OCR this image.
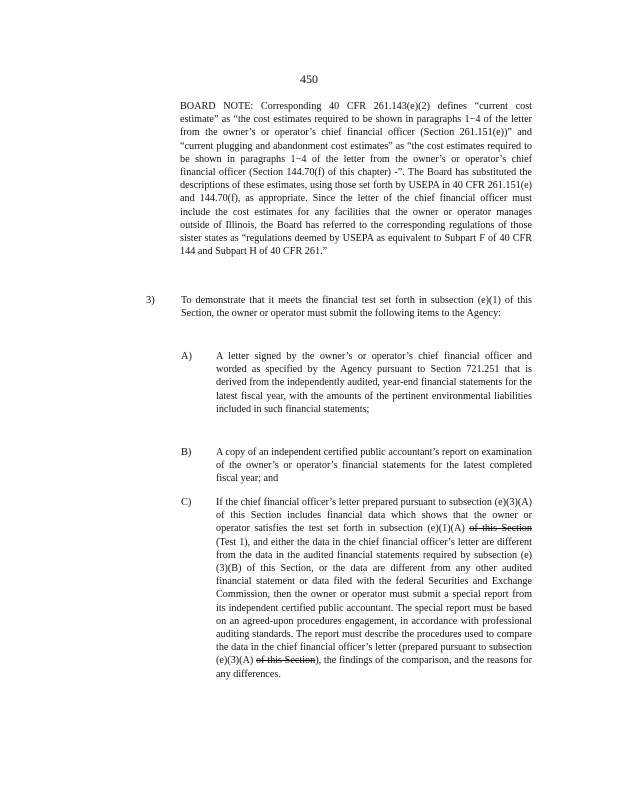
450
BOARD NOTE: Corresponding 40 CFR 261.143(e)(2) defines “current cost estimate” as “the cost estimates required to be shown in paragraphs 1−4 of the letter from the owner’s or operator’s chief financial officer (Section 261.151(e))” and “current plugging and abandonment cost estimates” as “the cost estimates required to be shown in paragraphs 1−4 of the letter from the owner’s or operator’s chief financial officer (Section 144.70(f) of this chapter) -”. The Board has substituted the descriptions of these estimates, using those set forth by USEPA in 40 CFR 261.151(e) and 144.70(f), as appropriate. Since the letter of the chief financial officer must include the cost estimates for any facilities that the owner or operator manages outside of Illinois, the Board has referred to the corresponding regulations of those sister states as “regulations deemed by USEPA as equivalent to Subpart F of 40 CFR 144 and Subpart H of 40 CFR 261.”
3)	To demonstrate that it meets the financial test set forth in subsection (e)(1) of this Section, the owner or operator must submit the following items to the Agency:
A) A letter signed by the owner’s or operator’s chief financial officer and worded as specified by the Agency pursuant to Section 721.251 that is derived from the independently audited, year-end financial statements for the latest fiscal year, with the amounts of the pertinent environmental liabilities included in such financial statements;
B) A copy of an independent certified public accountant’s report on examination of the owner’s or operator’s financial statements for the latest completed fiscal year; and
C) If the chief financial officer’s letter prepared pursuant to subsection (e)(3)(A) of this Section includes financial data which shows that the owner or operator satisfies the test set forth in subsection (e)(1)(A) of this Section (Test 1), and either the data in the chief financial officer’s letter are different from the data in the audited financial statements required by subsection (e)(3)(B) of this Section, or the data are different from any other audited financial statement or data filed with the federal Securities and Exchange Commission, then the owner or operator must submit a special report from its independent certified public accountant. The special report must be based on an agreed-upon procedures engagement, in accordance with professional auditing standards. The report must describe the procedures used to compare the data in the chief financial officer’s letter (prepared pursuant to subsection (e)(3)(A) of this Section), the findings of the comparison, and the reasons for any differences.
